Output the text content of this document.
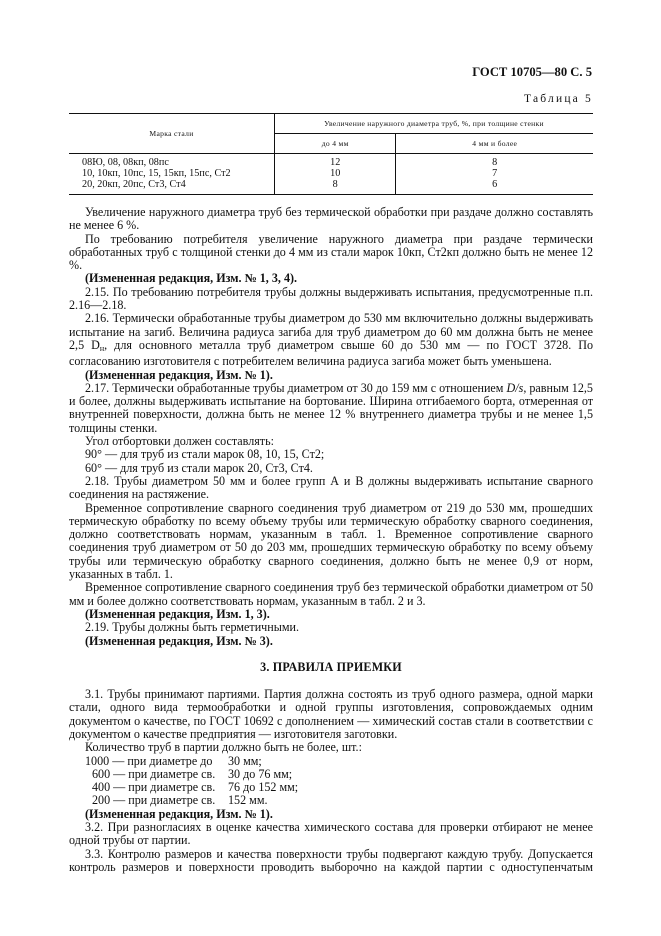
ГОСТ 10705—80 С. 5
Таблица 5
Марка стали	Увеличение наружного диаметра труб, %, при толщине стенки	
	до 4 мм	4 мм и более
08Ю, 08, 08кп, 08пс	12	8
10, 10кп, 10пс, 15, 15кп, 15пс, Ст2	10	7
20, 20кп, 20пс, Ст3, Ст4	8	6

Увеличение наружного диаметра труб без термической обработки при раздаче должно составлять не менее 6 %.

По требованию потребителя увеличение наружного диаметра при раздаче термически обработанных труб с толщиной стенки до 4 мм из стали марок 10кп, Ст2кп должно быть не менее 12 %.

(Измененная редакция, Изм. № 1, 3, 4).

2.15. По требованию потребителя трубы должны выдерживать испытания, предусмотренные п.п. 2.16—2.18.

2.16. Термически обработанные трубы диаметром до 530 мм включительно должны выдерживать испытание на загиб. Величина радиуса загиба для труб диаметром до 60 мм должна быть не менее 2,5 $D_н$, для основного металла труб диаметром свыше 60 до 530 мм — по ГОСТ 3728. По согласованию изготовителя с потребителем величина радиуса загиба может быть уменьшена.

(Измененная редакция, Изм. № 1).

2.17. Термически обработанные трубы диаметром от 30 до 159 мм с отношением D/s, равным 12,5 и более, должны выдерживать испытание на бортование. Ширина отгибаемого борта, отмеренная от внутренней поверхности, должна быть не менее 12 % внутреннего диаметра трубы и не менее 1,5 толщины стенки.

Угол отбортовки должен составлять:

90° — для труб из стали марок 08, 10, 15, Ст2;

60° — для труб из стали марок 20, Ст3, Ст4.

2.18. Трубы диаметром 50 мм и более групп А и В должны выдерживать испытание сварного соединения на растяжение.

Временное сопротивление сварного соединения труб диаметром от 219 до 530 мм, прошедших термическую обработку по всему объему трубы или термическую обработку сварного соединения, должно соответствовать нормам, указанным в табл. 1. Временное сопротивление сварного соединения труб диаметром от 50 до 203 мм, прошедших термическую обработку по всему объему трубы или термическую обработку сварного соединения, должно быть не менее 0,9 от норм, указанных в табл. 1.

Временное сопротивление сварного соединения труб без термической обработки диаметром от 50 мм и более должно соответствовать нормам, указанным в табл. 2 и 3.

(Измененная редакция, Изм. 1, 3).

2.19. Трубы должны быть герметичными.

(Измененная редакция, Изм. № 3).

3. ПРАВИЛА ПРИЕМКИ

3.1. Трубы принимают партиями. Партия должна состоять из труб одного размера, одной марки стали, одного вида термообработки и одной группы изготовления, сопровождаемых одним документом о качестве, по ГОСТ 10692 с дополнением — химический состав стали в соответствии с документом о качестве предприятия — изготовителя заготовки.

Количество труб в партии должно быть не более, шт.:

1000 — при диаметре до 30 мм;

600 — при диаметре св. 30 до 76 мм;

400 — при диаметре св. 76 до 152 мм;

200 — при диаметре св. 152 мм.

(Измененная редакция, Изм. № 1).

3.2. При разногласиях в оценке качества химического состава для проверки отбирают не менее одной трубы от партии.

3.3. Контролю размеров и качества поверхности трубы подвергают каждую трубу. Допускается контроль размеров и поверхности проводить выборочно на каждой партии с одноступенчатым
